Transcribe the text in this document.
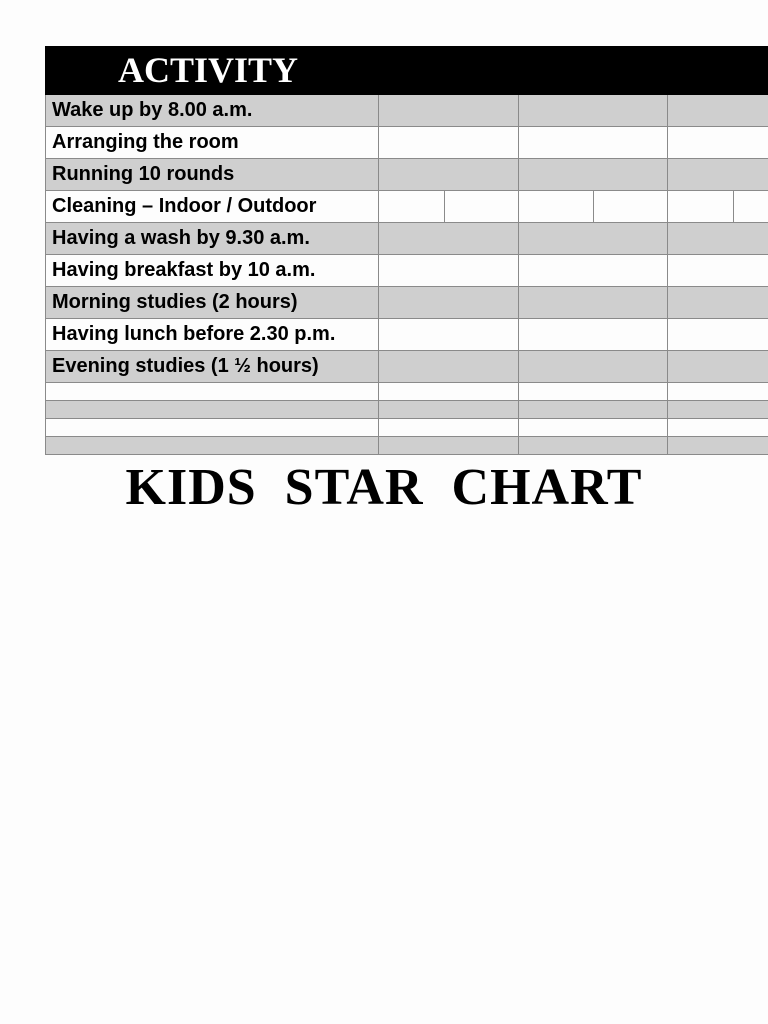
ACTIVITY			
Wake up by 8.00 a.m.			
Arranging the room			
Running 10 rounds			
Cleaning – Indoor / Outdoor	

Having a wash by 9.30 a.m.			
Having breakfast by 10 a.m.			
Morning studies (2 hours)			
Having lunch before 2.30 p.m.			
Evening studies (1 ½ hours)			

KIDS  STAR  CHART
